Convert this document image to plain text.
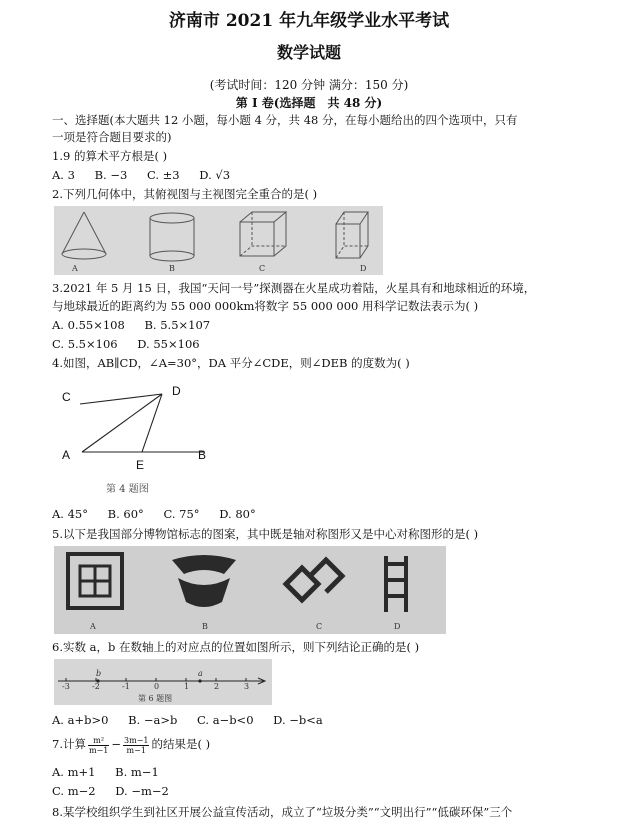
济南市 2021 年九年级学业水平考试
数学试题
(考试时间：120 分钟 满分：150 分)
第 I 卷(选择题　共 48 分)
一、选择题(本大题共 12 小题，每小题 4 分，共 48 分，在每小题给出的四个选项中，只有
一项是符合题目要求的)
1.9 的算术平方根是( )
A. 3 B. −3 C. ±3 D. √3
2.下列几何体中，其俯视图与主视图完全重合的是( )
A	B	C	D
3.2021 年 5 月 15 日，我国“天问一号”探测器在火星成功着陆，火星具有和地球相近的环境，
与地球最近的距离约为 55 000 000km将数字 55 000 000 用科学记数法表示为( )
A. 0.55×108 B. 5.5×107
C. 5.5×106 D. 55×106
4.如图，AB∥CD，∠A=30°，DA 平分∠CDE，则∠DEB 的度数为( )
C	D
A
E
B
第 4 题图
A. 45° B. 60° C. 75° D. 80°
5.以下是我国部分博物馆标志的图案，其中既是轴对称图形又是中心对称图形的是( )
A	B	C	D
6.实数 a，b 在数轴上的对应点的位置如图所示，则下列结论正确的是( )
-3	-2	-1	0	1	2	3
b	a
第 6 题图
A. a+b>0 B. −a>b C. a−b<0 D. −b<a
7.计算 $\frac{\text{m²}}{m-1} - \frac{3m-1}{m-1}$ 的结果是( )
A. m+1 B. m−1
C. m−2 D. −m−2
8.某学校组织学生到社区开展公益宣传活动，成立了“垃圾分类”“文明出行”“低碳环保”三个
